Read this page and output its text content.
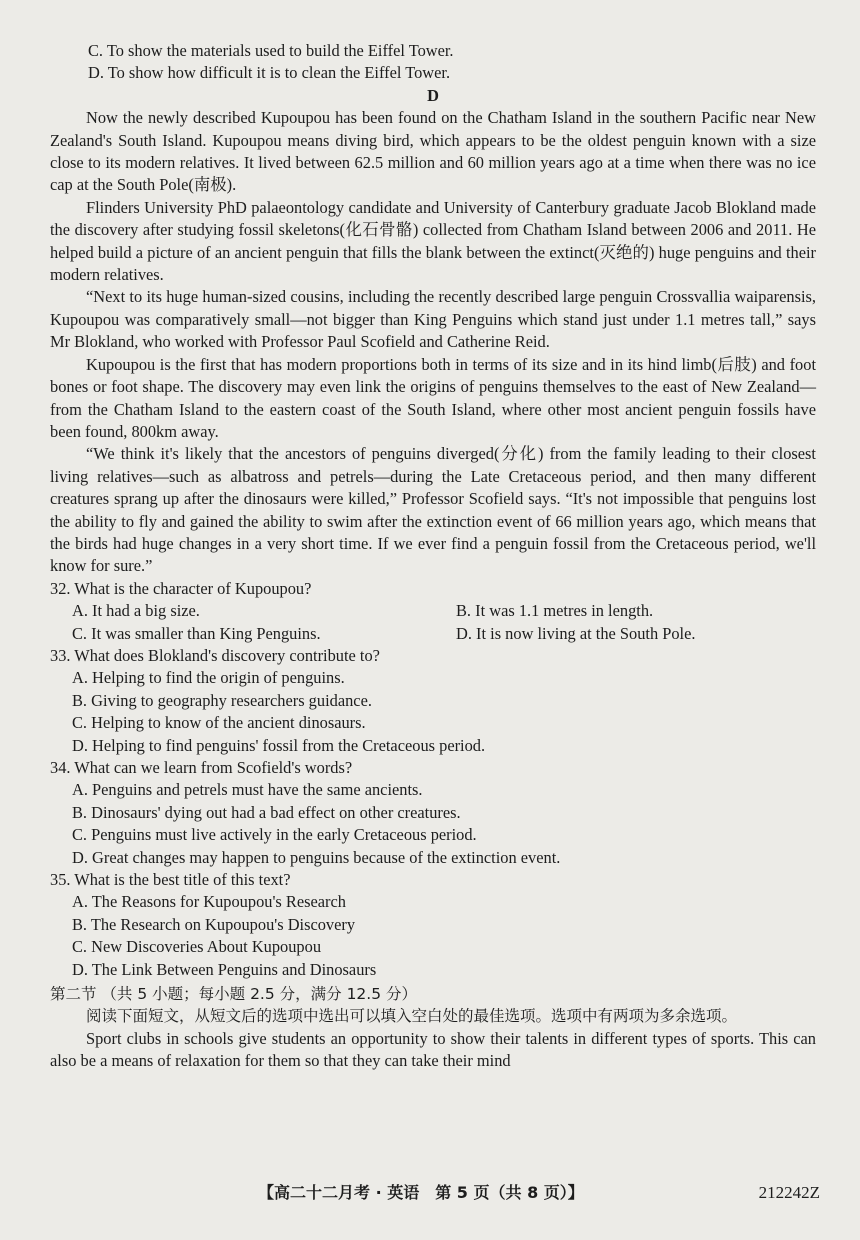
C. To show the materials used to build the Eiffel Tower.
D. To show how difficult it is to clean the Eiffel Tower.
D

Now the newly described Kupoupou has been found on the Chatham Island in the southern Pacific near New Zealand's South Island. Kupoupou means diving bird, which appears to be the oldest penguin known with a size close to its modern relatives. It lived between 62.5 million and 60 million years ago at a time when there was no ice cap at the South Pole(南极).

Flinders University PhD palaeontology candidate and University of Canterbury graduate Jacob Blokland made the discovery after studying fossil skeletons(化石骨骼) collected from Chatham Island between 2006 and 2011. He helped build a picture of an ancient penguin that fills the blank between the extinct(灭绝的) huge penguins and their modern relatives.

“Next to its huge human-sized cousins, including the recently described large penguin Crossvallia waiparensis, Kupoupou was comparatively small—not bigger than King Penguins which stand just under 1.1 metres tall,” says Mr Blokland, who worked with Professor Paul Scofield and Catherine Reid.

Kupoupou is the first that has modern proportions both in terms of its size and in its hind limb(后肢) and foot bones or foot shape. The discovery may even link the origins of penguins themselves to the east of New Zealand—from the Chatham Island to the eastern coast of the South Island, where other most ancient penguin fossils have been found, 800km away.

“We think it's likely that the ancestors of penguins diverged(分化) from the family leading to their closest living relatives—such as albatross and petrels—during the Late Cretaceous period, and then many different creatures sprang up after the dinosaurs were killed,” Professor Scofield says. “It's not impossible that penguins lost the ability to fly and gained the ability to swim after the extinction event of 66 million years ago, which means that the birds had huge changes in a very short time. If we ever find a penguin fossil from the Cretaceous period, we'll know for sure.”

32. What is the character of Kupoupou?
A. It had a big size.	B. It was 1.1 metres in length.
C. It was smaller than King Penguins.	D. It is now living at the South Pole.
33. What does Blokland's discovery contribute to?
A. Helping to find the origin of penguins.
B. Giving to geography researchers guidance.
C. Helping to know of the ancient dinosaurs.
D. Helping to find penguins' fossil from the Cretaceous period.
34. What can we learn from Scofield's words?
A. Penguins and petrels must have the same ancients.
B. Dinosaurs' dying out had a bad effect on other creatures.
C. Penguins must live actively in the early Cretaceous period.
D. Great changes may happen to penguins because of the extinction event.
35. What is the best title of this text?
A. The Reasons for Kupoupou's Research
B. The Research on Kupoupou's Discovery
C. New Discoveries About Kupoupou
D. The Link Between Penguins and Dinosaurs
第二节 （共 5 小题；每小题 2.5 分，满分 12.5 分）

阅读下面短文，从短文后的选项中选出可以填入空白处的最佳选项。选项中有两项为多余选项。

Sport clubs in schools give students an opportunity to show their talents in different types of sports. This can also be a means of relaxation for them so that they can take their mind

【高二十二月考 · 英语　第 5 页（共 8 页）】	212242Z
